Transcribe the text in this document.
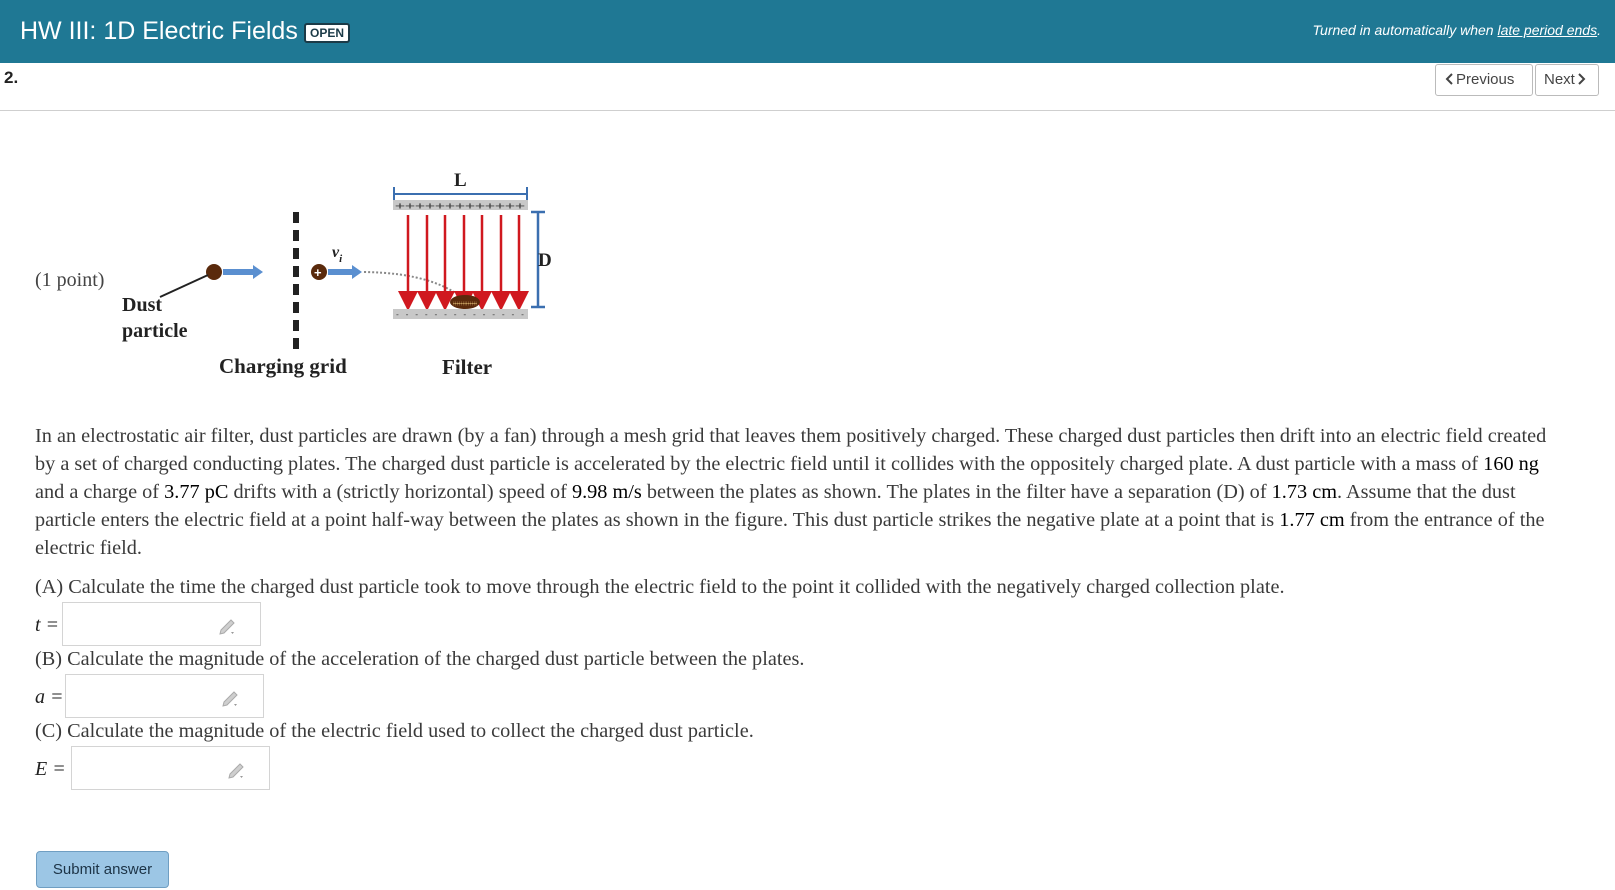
HW III: 1D Electric Fields	OPEN	Turned in automatically when late period ends.
2.	Previous	Next
(1 point)
Dust
particle
Charging grid
+
$v_i$
L
+++++++++++++
+++++++++++++
- - - - - - - - - - - - - -
D
Filter
In an electrostatic air filter, dust particles are drawn (by a fan) through a mesh grid that leaves them positively charged. These charged dust particles then drift into an electric field created by a set of charged conducting plates. The charged dust particle is accelerated by the electric field until it collides with the oppositely charged plate. A dust particle with a mass of 160 ng and a charge of 3.77 pC drifts with a (strictly horizontal) speed of 9.98 m/s between the plates as shown. The plates in the filter have a separation (D) of 1.73 cm. Assume that the dust particle enters the electric field at a point half-way between the plates as shown in the figure. This dust particle strikes the negative plate at a point that is 1.77 cm from the entrance of the electric field.
(A) Calculate the time the charged dust particle took to move through the electric field to the point it collided with the negatively charged collection plate.
t =
(B) Calculate the magnitude of the acceleration of the charged dust particle between the plates.
a =
(C) Calculate the magnitude of the electric field used to collect the charged dust particle.
E =
Submit answer
